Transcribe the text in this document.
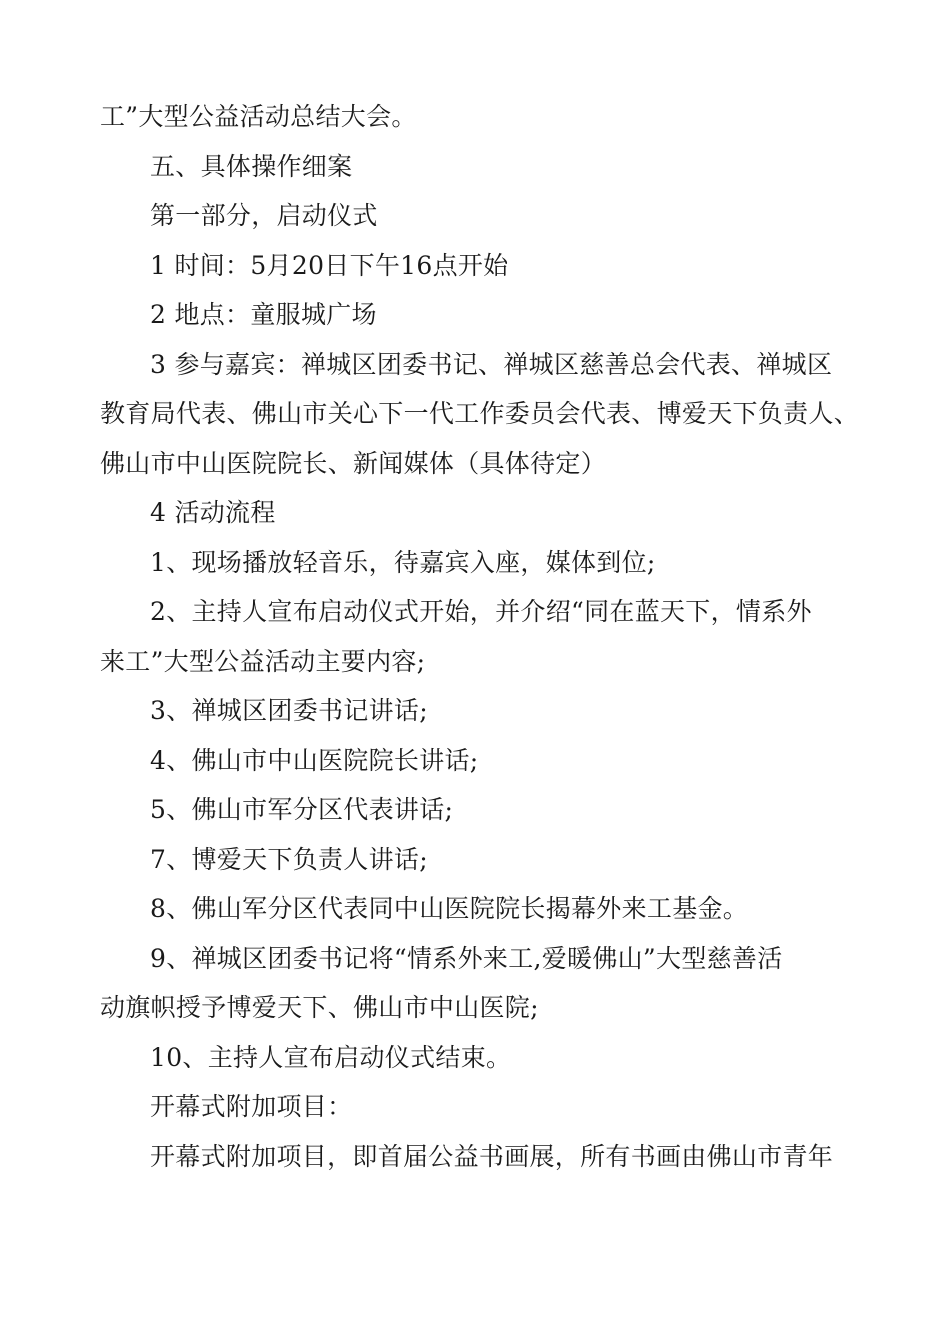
工”大型公益活动总结大会。

五、具体操作细案

第一部分，启动仪式

1 时间：5月20日下午16点开始

2 地点：童服城广场

3 参与嘉宾：禅城区团委书记、禅城区慈善总会代表、禅城区

教育局代表、佛山市关心下一代工作委员会代表、博爱天下负责人、

佛山市中山医院院长、新闻媒体（具体待定）

4 活动流程

1、现场播放轻音乐，待嘉宾入座，媒体到位;

2、主持人宣布启动仪式开始，并介绍“同在蓝天下，情系外

来工”大型公益活动主要内容;

3、禅城区团委书记讲话;

4、佛山市中山医院院长讲话;

5、佛山市军分区代表讲话;

7、博爱天下负责人讲话;

8、佛山军分区代表同中山医院院长揭幕外来工基金。

9、禅城区团委书记将“情系外来工,爱暖佛山”大型慈善活

动旗帜授予博爱天下、佛山市中山医院;

10、主持人宣布启动仪式结束。

开幕式附加项目：

开幕式附加项目，即首届公益书画展，所有书画由佛山市青年
